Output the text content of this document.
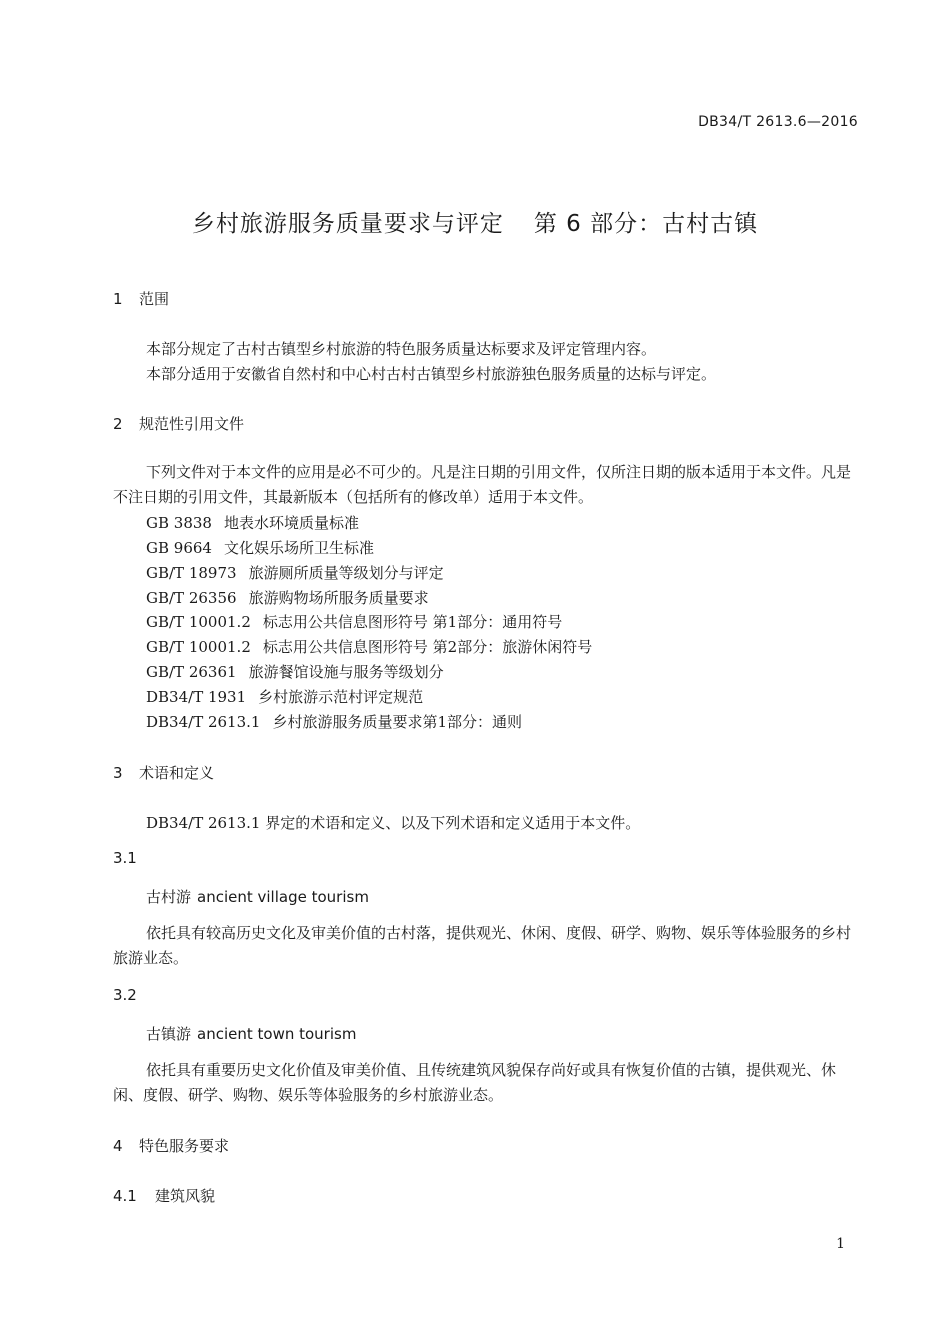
DB34/T 2613.6—2016
乡村旅游服务质量要求与评定 第 6 部分：古村古镇
1 范围
本部分规定了古村古镇型乡村旅游的特色服务质量达标要求及评定管理内容。
本部分适用于安徽省自然村和中心村古村古镇型乡村旅游独色服务质量的达标与评定。
2 规范性引用文件
下列文件对于本文件的应用是必不可少的。凡是注日期的引用文件，仅所注日期的版本适用于本文件。凡是不注日期的引用文件，其最新版本（包括所有的修改单）适用于本文件。
GB 3838 地表水环境质量标准
GB 9664 文化娱乐场所卫生标准
GB/T 18973 旅游厕所质量等级划分与评定
GB/T 26356 旅游购物场所服务质量要求
GB/T 10001.2 标志用公共信息图形符号 第1部分：通用符号
GB/T 10001.2 标志用公共信息图形符号 第2部分：旅游休闲符号
GB/T 26361 旅游餐馆设施与服务等级划分
DB34/T 1931 乡村旅游示范村评定规范
DB34/T 2613.1 乡村旅游服务质量要求第1部分：通则
3 术语和定义
DB34/T 2613.1 界定的术语和定义、以及下列术语和定义适用于本文件。
3.1
古村游 ancient village tourism
依托具有较高历史文化及审美价值的古村落，提供观光、休闲、度假、研学、购物、娱乐等体验服务的乡村旅游业态。
3.2
古镇游 ancient town tourism
依托具有重要历史文化价值及审美价值、且传统建筑风貌保存尚好或具有恢复价值的古镇，提供观光、休闲、度假、研学、购物、娱乐等体验服务的乡村旅游业态。
4 特色服务要求
4.1 建筑风貌
1
